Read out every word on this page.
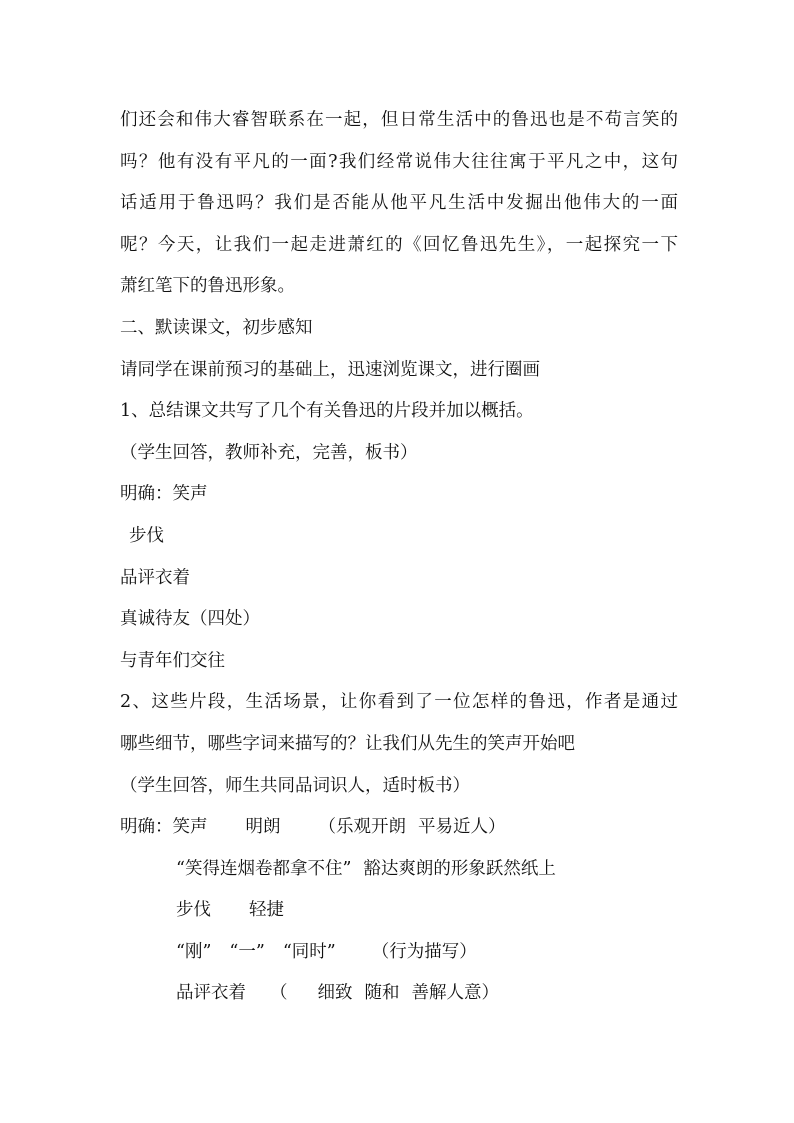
们还会和伟大睿智联系在一起，但日常生活中的鲁迅也是不苟言笑的
吗？他有没有平凡的一面?我们经常说伟大往往寓于平凡之中，这句
话适用于鲁迅吗？我们是否能从他平凡生活中发掘出他伟大的一面
呢？今天，让我们一起走进萧红的《回忆鲁迅先生》，一起探究一下
萧红笔下的鲁迅形象。
二、默读课文，初步感知
请同学在课前预习的基础上，迅速浏览课文，进行圈画
1、总结课文共写了几个有关鲁迅的片段并加以概括。
（学生回答，教师补充，完善，板书）
明确：笑声
步伐
品评衣着
真诚待友（四处）
与青年们交往
2、这些片段，生活场景，让你看到了一位怎样的鲁迅，作者是通过
哪些细节，哪些字词来描写的？让我们从先生的笑声开始吧
（学生回答，师生共同品词识人，适时板书）
明确：笑声 明朗 （乐观开朗 平易近人）
“笑得连烟卷都拿不住” 豁达爽朗的形象跃然纸上
步伐 轻捷
“刚” “一” “同时” （行为描写）
品评衣着 （ 细致 随和 善解人意）
